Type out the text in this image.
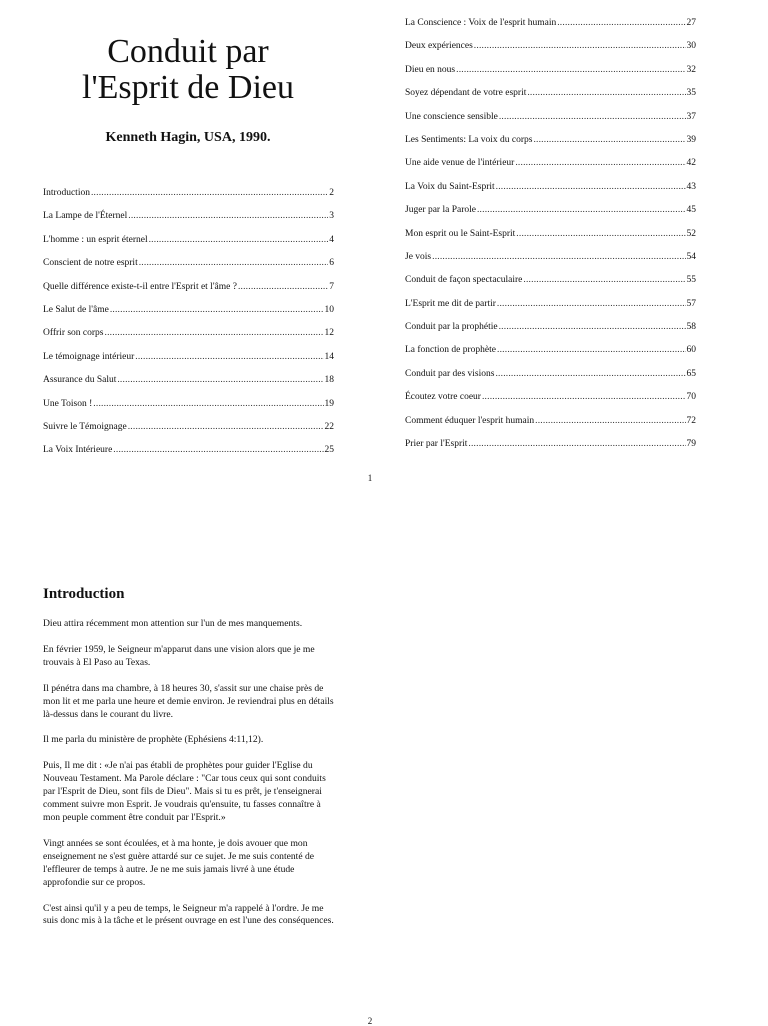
Conduit par
l'Esprit de Dieu
Kenneth Hagin, USA, 1990.
Introduction .....	2
La Lampe de l'Éternel .....	3
L'homme : un esprit éternel .....	4
Conscient de notre esprit .....	6
Quelle différence existe-t-il entre l'Esprit et l'âme ? .....	7
Le Salut de l'âme .....	10
Offrir son corps .....	12
Le témoignage intérieur .....	14
Assurance du Salut .....	18
Une Toison ! .....	19
Suivre le Témoignage .....	22
La Voix Intérieure .....	25
La Conscience : Voix de l'esprit humain .....	27
Deux expériences .....	30
Dieu en nous .....	32
Soyez dépendant de votre esprit .....	35
Une conscience sensible .....	37
Les Sentiments: La voix du corps .....	39
Une aide venue de l'intérieur .....	42
La Voix du Saint-Esprit .....	43
Juger par la Parole .....	45
Mon esprit ou le Saint-Esprit .....	52
Je vois .....	54
Conduit de façon spectaculaire .....	55
L'Esprit me dit de partir .....	57
Conduit par la prophétie .....	58
La fonction de prophète .....	60
Conduit par des visions .....	65
Écoutez votre coeur .....	70
Comment éduquer l'esprit humain .....	72
Prier par l'Esprit .....	79
1
Introduction

Dieu attira récemment mon attention sur l'un de mes manquements.

En février 1959, le Seigneur m'apparut dans une vision alors que je me trouvais à El Paso au Texas.

Il pénétra dans ma chambre, à 18 heures 30, s'assit sur une chaise près de mon lit et me parla une heure et demie environ. Je reviendrai plus en détails là-dessus dans le courant du livre.

Il me parla du ministère de prophète (Ephésiens 4:11,12).

Puis, Il me dit : «Je n'ai pas établi de prophètes pour guider l'Eglise du Nouveau Testament. Ma Parole déclare : "Car tous ceux qui sont conduits par l'Esprit de Dieu, sont fils de Dieu". Mais si tu es prêt, je t'enseignerai comment suivre mon Esprit. Je voudrais qu'ensuite, tu fasses connaître à mon peuple comment être conduit par l'Esprit.»

Vingt années se sont écoulées, et à ma honte, je dois avouer que mon enseignement ne s'est guère attardé sur ce sujet. Je me suis contenté de l'effleurer de temps à autre. Je ne me suis jamais livré à une étude approfondie sur ce propos.

C'est ainsi qu'il y a peu de temps, le Seigneur m'a rappelé à l'ordre. Je me suis donc mis à la tâche et le présent ouvrage en est l'une des conséquences.

2
